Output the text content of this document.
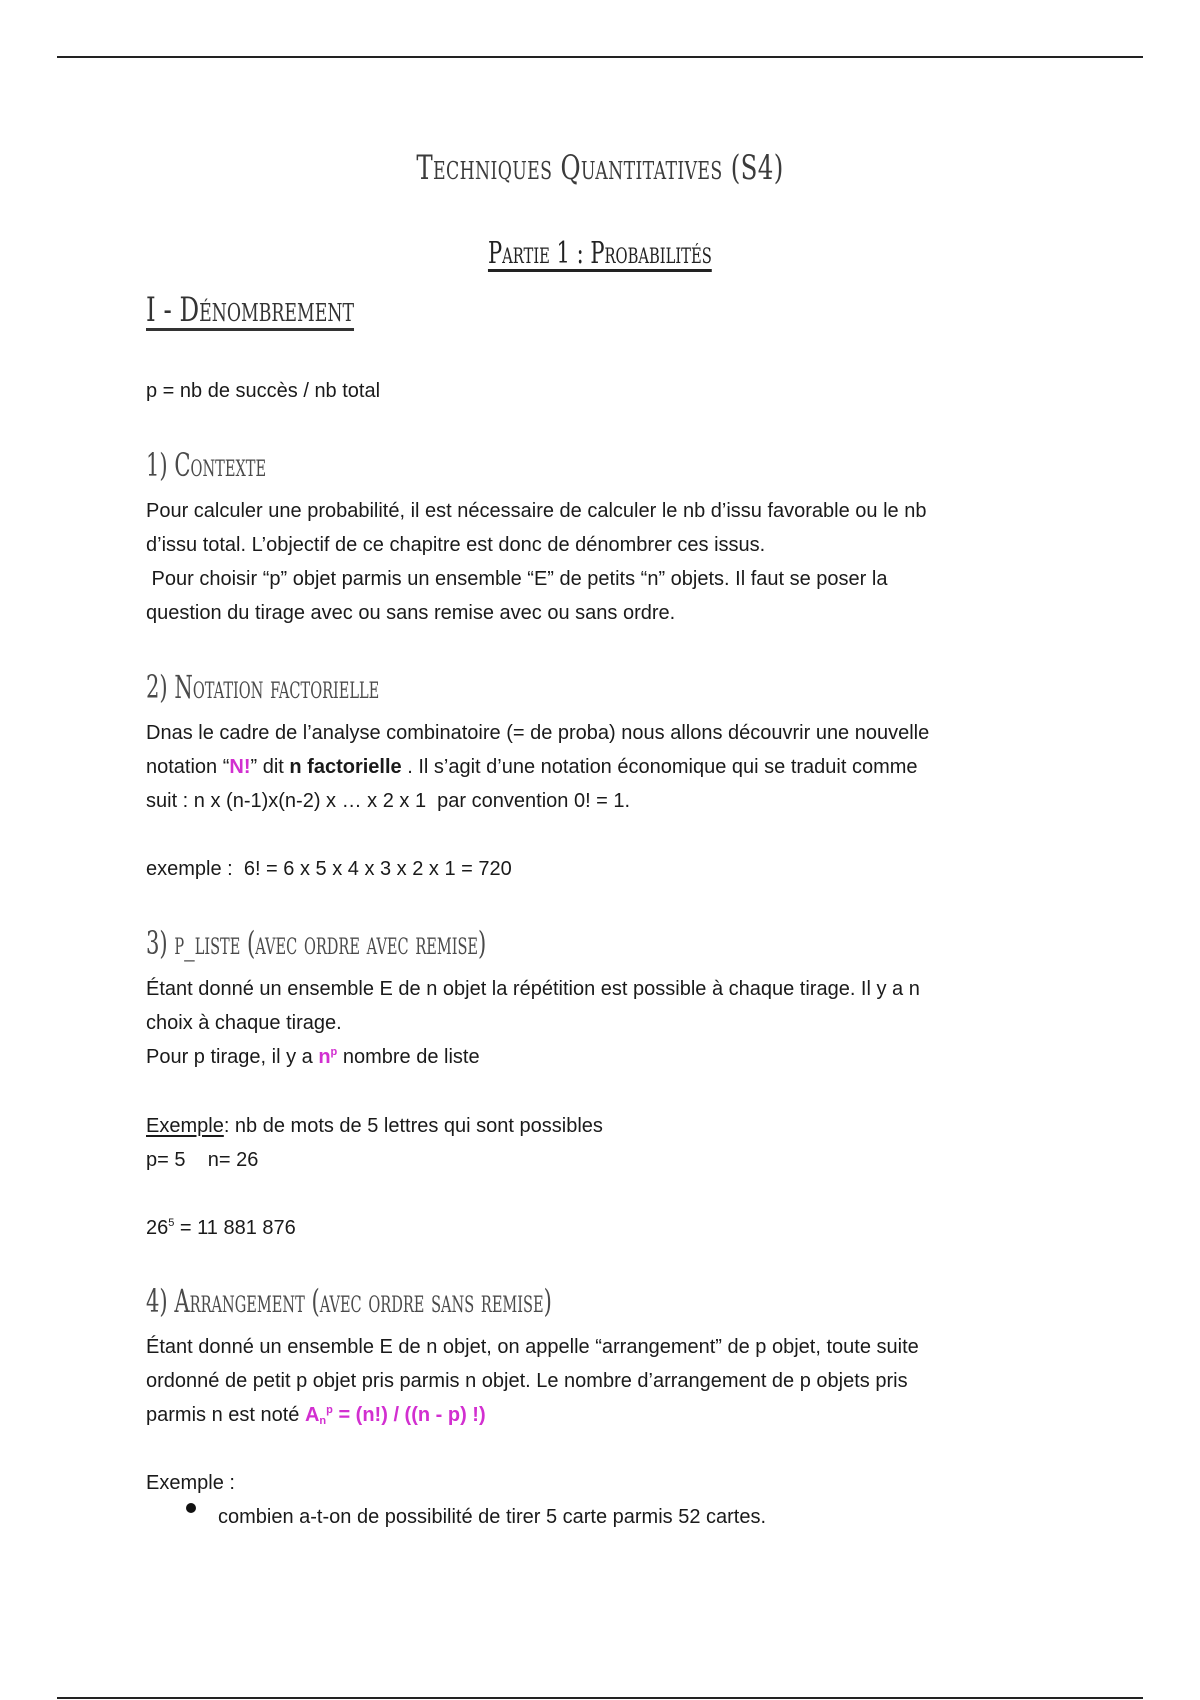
Techniques Quantitatives (S4)
Partie 1 : Probabilités
I - Dénombrement
p = nb de succès / nb total
1) Contexte
Pour calculer une probabilité, il est nécessaire de calculer le nb d’issu favorable ou le nb
d’issu total. L’objectif de ce chapitre est donc de dénombrer ces issus.
Pour choisir “p” objet parmis un ensemble “E” de petits “n” objets. Il faut se poser la
question du tirage avec ou sans remise avec ou sans ordre.
2) Notation factorielle
Dnas le cadre de l’analyse combinatoire (= de proba) nous allons découvrir une nouvelle
notation “N!” dit n factorielle . Il s’agit d’une notation économique qui se traduit comme
suit : n x (n-1)x(n-2) x … x 2 x 1  par convention 0! = 1.
exemple :  6! = 6 x 5 x 4 x 3 x 2 x 1 = 720
3) p_liste (avec ordre avec remise)
Étant donné un ensemble E de n objet la répétition est possible à chaque tirage. Il y a n
choix à chaque tirage.
Pour p tirage, il y a $n^p$ nombre de liste
Exemple: nb de mots de 5 lettres qui sont possibles
p= 5    n= 26
$26^5 = 11$ 881 876
4) Arrangement (avec ordre sans remise)
Étant donné un ensemble E de n objet, on appelle “arrangement” de p objet, toute suite
ordonné de petit p objet pris parmis n objet. Le nombre d’arrangement de p objets pris
parmis n est noté $A_n^p = (n!) / ((n - p)$ !)
Exemple :
combien a-t-on de possibilité de tirer 5 carte parmis 52 cartes.
